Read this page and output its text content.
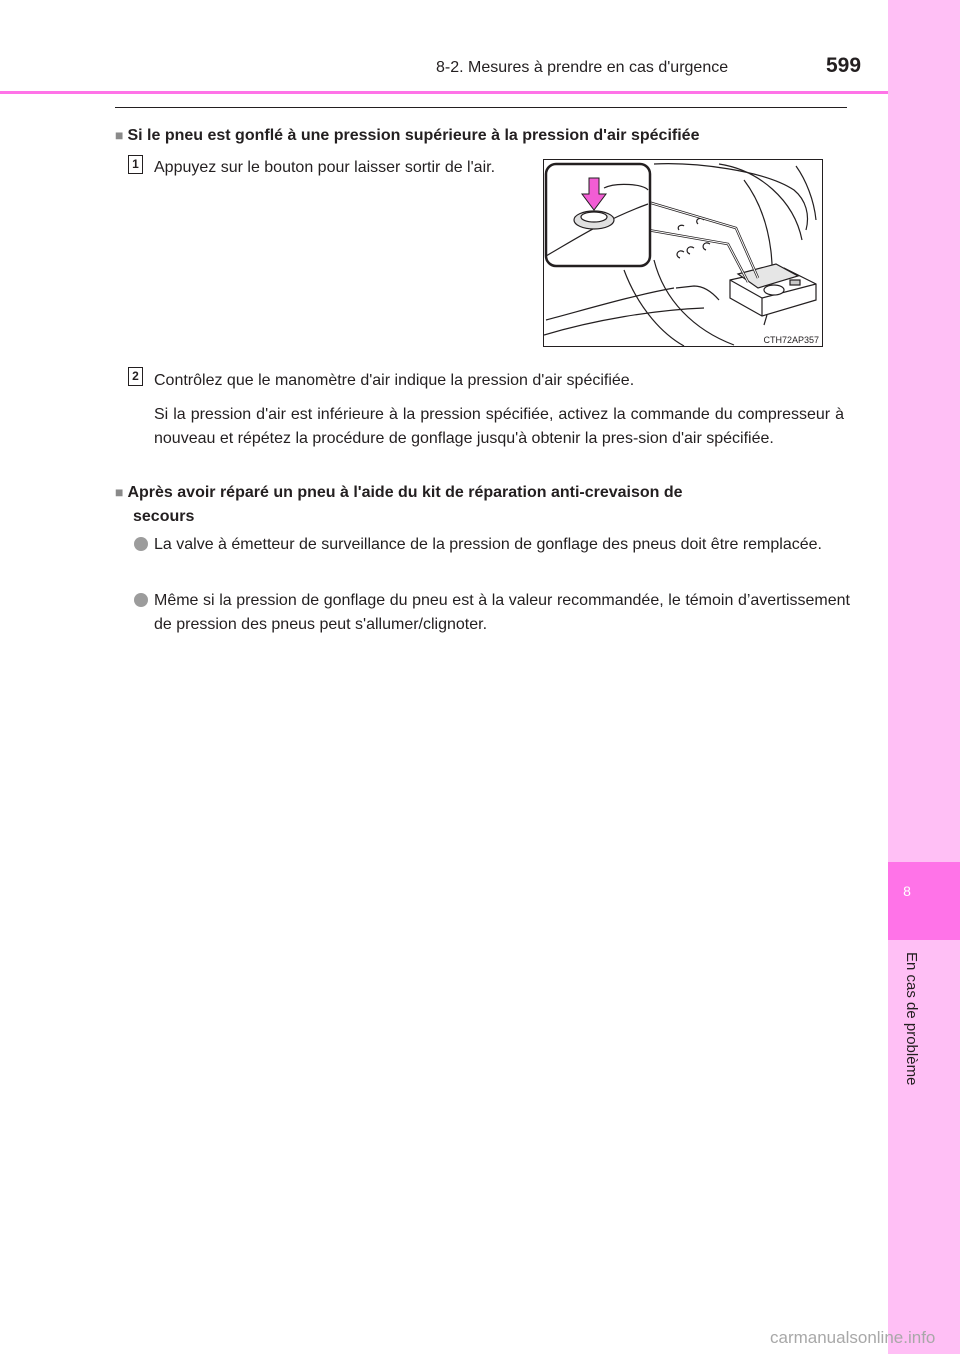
8
En cas de problème
8-2. Mesures à prendre en cas d'urgence	599
■ Si le pneu est gonflé à une pression supérieure à la pression d'air spécifiée
1 Appuyez sur le bouton pour laisser sortir de l'air.
CTH72AP357
2 Contrôlez que le manomètre d'air indique la pression d'air spécifiée.
Si la pression d'air est inférieure à la pression spécifiée, activez la commande du compresseur à nouveau et répétez la procédure de gonflage jusqu'à obtenir la pres-sion d'air spécifiée.
■ Après avoir réparé un pneu à l'aide du kit de réparation anti-crevaison de
secours
La valve à émetteur de surveillance de la pression de gonflage des pneus doit être remplacée.
Même si la pression de gonflage du pneu est à la valeur recommandée, le témoin d’avertissement de pression des pneus peut s'allumer/clignoter.
carmanualsonline.info
